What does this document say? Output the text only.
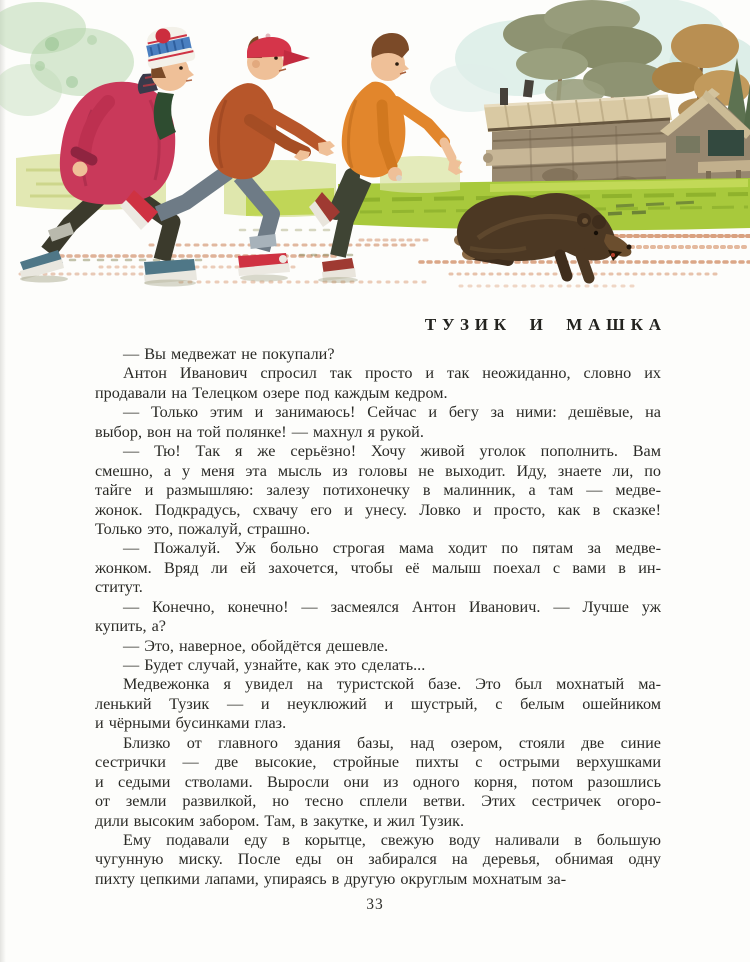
ТУЗИК И МАШКА
— Вы медвежат не покупали?
Антон Иванович спросил так просто и так неожиданно, словно их
продавали на Телецком озере под каждым кедром.
— Только этим и занимаюсь! Сейчас и бегу за ними: дешёвые, на
выбор, вон на той полянке! — махнул я рукой.
— Тю! Так я же серьёзно! Хочу живой уголок пополнить. Вам
смешно, а у меня эта мысль из головы не выходит. Иду, знаете ли, по
тайге и размышляю: залезу потихонечку в малинник, а там — медве-
жонок. Подкрадусь, схвачу его и унесу. Ловко и просто, как в сказке!
Только это, пожалуй, страшно.
— Пожалуй. Уж больно строгая мама ходит по пятам за медве-
жонком. Вряд ли ей захочется, чтобы её малыш поехал с вами в ин-
ститут.
— Конечно, конечно! — засмеялся Антон Иванович. — Лучше уж
купить, а?
— Это, наверное, обойдётся дешевле.
— Будет случай, узнайте, как это сделать...
Медвежонка я увидел на туристской базе. Это был мохнатый ма-
ленький Тузик — и неуклюжий и шустрый, с белым ошейником
и чёрными бусинками глаз.
Близко от главного здания базы, над озером, стояли две синие
сестрички — две высокие, стройные пихты с острыми верхушками
и седыми стволами. Выросли они из одного корня, потом разошлись
от земли развилкой, но тесно сплели ветви. Этих сестричек огоро-
дили высоким забором. Там, в закутке, и жил Тузик.
Ему подавали еду в корытце, свежую воду наливали в большую
чугунную миску. После еды он забирался на деревья, обнимая одну
пихту цепкими лапами, упираясь в другую округлым мохнатым за-
33
